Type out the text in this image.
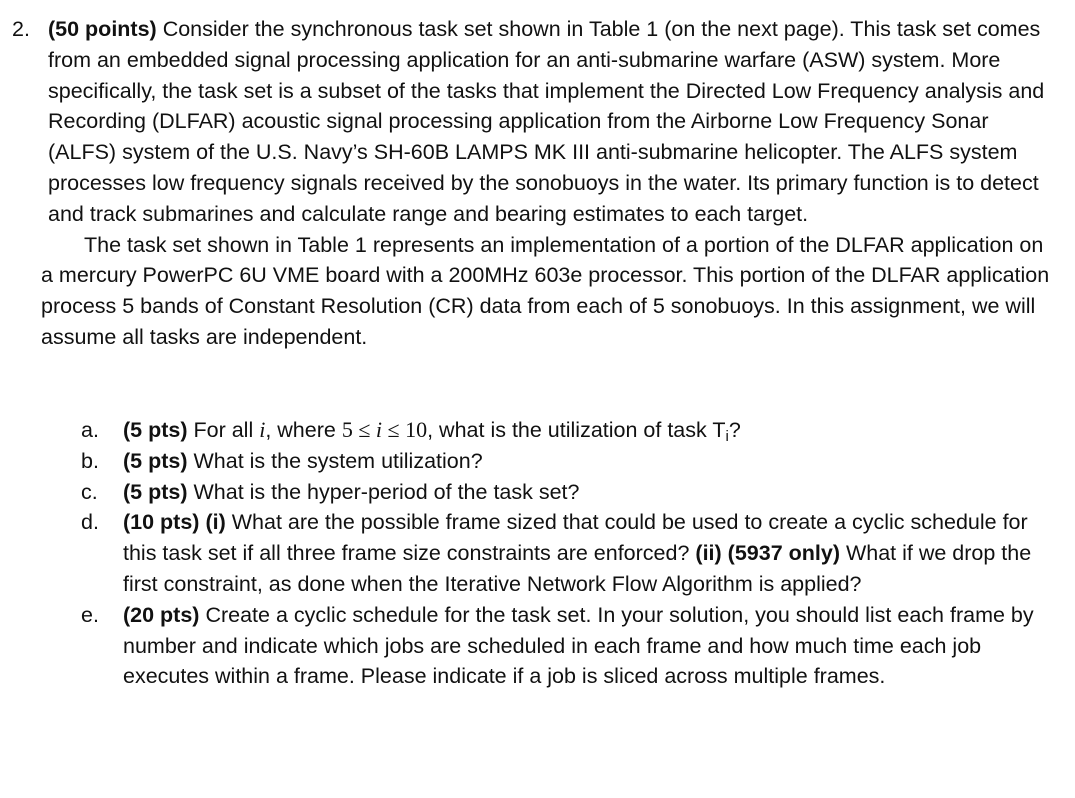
2. (50 points) Consider the synchronous task set shown in Table 1 (on the next page). This task set comes from an embedded signal processing application for an anti-submarine warfare (ASW) system. More specifically, the task set is a subset of the tasks that implement the Directed Low Frequency analysis and Recording (DLFAR) acoustic signal processing application from the Airborne Low Frequency Sonar (ALFS) system of the U.S. Navy’s SH-60B LAMPS MK III anti-submarine helicopter. The ALFS system processes low frequency signals received by the sonobuoys in the water. Its primary function is to detect and track submarines and calculate range and bearing estimates to each target.
The task set shown in Table 1 represents an implementation of a portion of the DLFAR application on a mercury PowerPC 6U VME board with a 200MHz 603e processor. This portion of the DLFAR application process 5 bands of Constant Resolution (CR) data from each of 5 sonobuoys. In this assignment, we will assume all tasks are independent.
a. (5 pts) For all i, where 5 ≤ i ≤ 10, what is the utilization of task $T_i$?
b. (5 pts) What is the system utilization?
c. (5 pts) What is the hyper-period of the task set?
d. (10 pts) (i) What are the possible frame sized that could be used to create a cyclic schedule for this task set if all three frame size constraints are enforced? (ii) (5937 only) What if we drop the first constraint, as done when the Iterative Network Flow Algorithm is applied?
e. (20 pts) Create a cyclic schedule for the task set. In your solution, you should list each frame by number and indicate which jobs are scheduled in each frame and how much time each job executes within a frame. Please indicate if a job is sliced across multiple frames.
